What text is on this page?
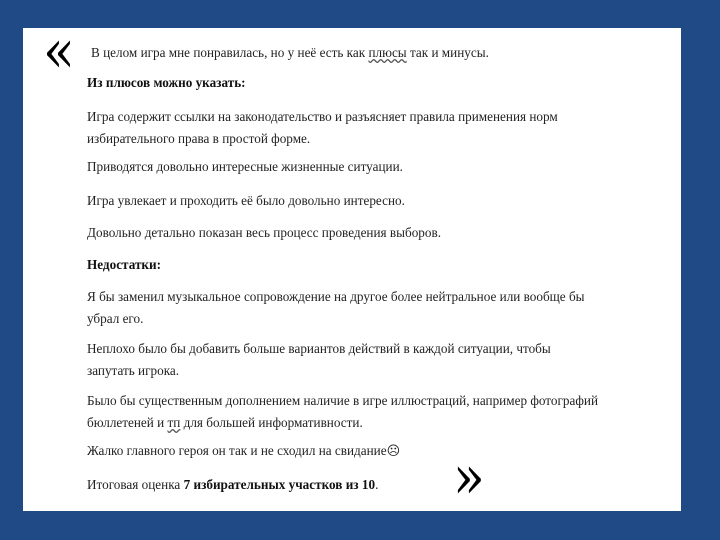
« В целом игра мне понравилась, но у неё есть как плюсы так и минусы.
Из плюсов можно указать:
Игра содержит ссылки на законодательство и разъясняет правила применения норм
избирательного права в простой форме.
Приводятся довольно интересные жизненные ситуации.
Игра увлекает и проходить её было довольно интересно.
Довольно детально показан весь процесс проведения выборов.
Недостатки:
Я бы заменил музыкальное сопровождение на другое более нейтральное или вообще бы
убрал его.
Неплохо было бы добавить больше вариантов действий в каждой ситуации, чтобы
запутать игрока.
Было бы существенным дополнением наличие в игре иллюстраций, например фотографий
бюллетеней и тп для большей информативности.
Жалко главного героя он так и не сходил на свидание☹
Итоговая оценка 7 избирательных участков из 10.	»
